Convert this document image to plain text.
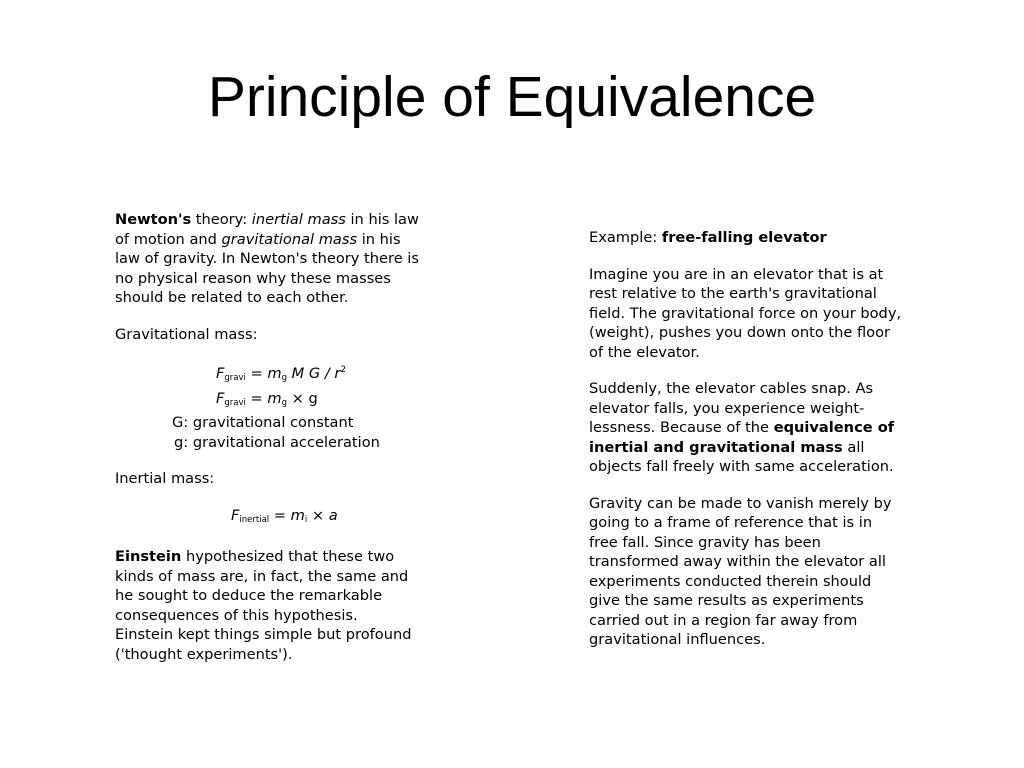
Principle of Equivalence

Newton's theory: inertial mass in his law
of motion and gravitational mass in his
law of gravity. In Newton's theory there is
no physical reason why these masses
should be related to each other.

Gravitational mass:

$F_{gravi} = m_g$ M G / $r^2$

$F_{gravi} = m_g \times g$

G: gravitational constant

g: gravitational acceleration

Inertial mass:

$F_{inertial} = m_i \times a$

Einstein hypothesized that these two
kinds of mass are, in fact, the same and
he sought to deduce the remarkable
consequences of this hypothesis.
Einstein kept things simple but profound
('thought experiments').

Example: free-falling elevator

Imagine you are in an elevator that is at
rest relative to the earth's gravitational
field. The gravitational force on your body,
(weight), pushes you down onto the floor
of the elevator.

Suddenly, the elevator cables snap. As
elevator falls, you experience weight-
lessness. Because of the equivalence of
inertial and gravitational mass all
objects fall freely with same acceleration.

Gravity can be made to vanish merely by
going to a frame of reference that is in
free fall. Since gravity has been
transformed away within the elevator all
experiments conducted therein should
give the same results as experiments
carried out in a region far away from
gravitational influences.
